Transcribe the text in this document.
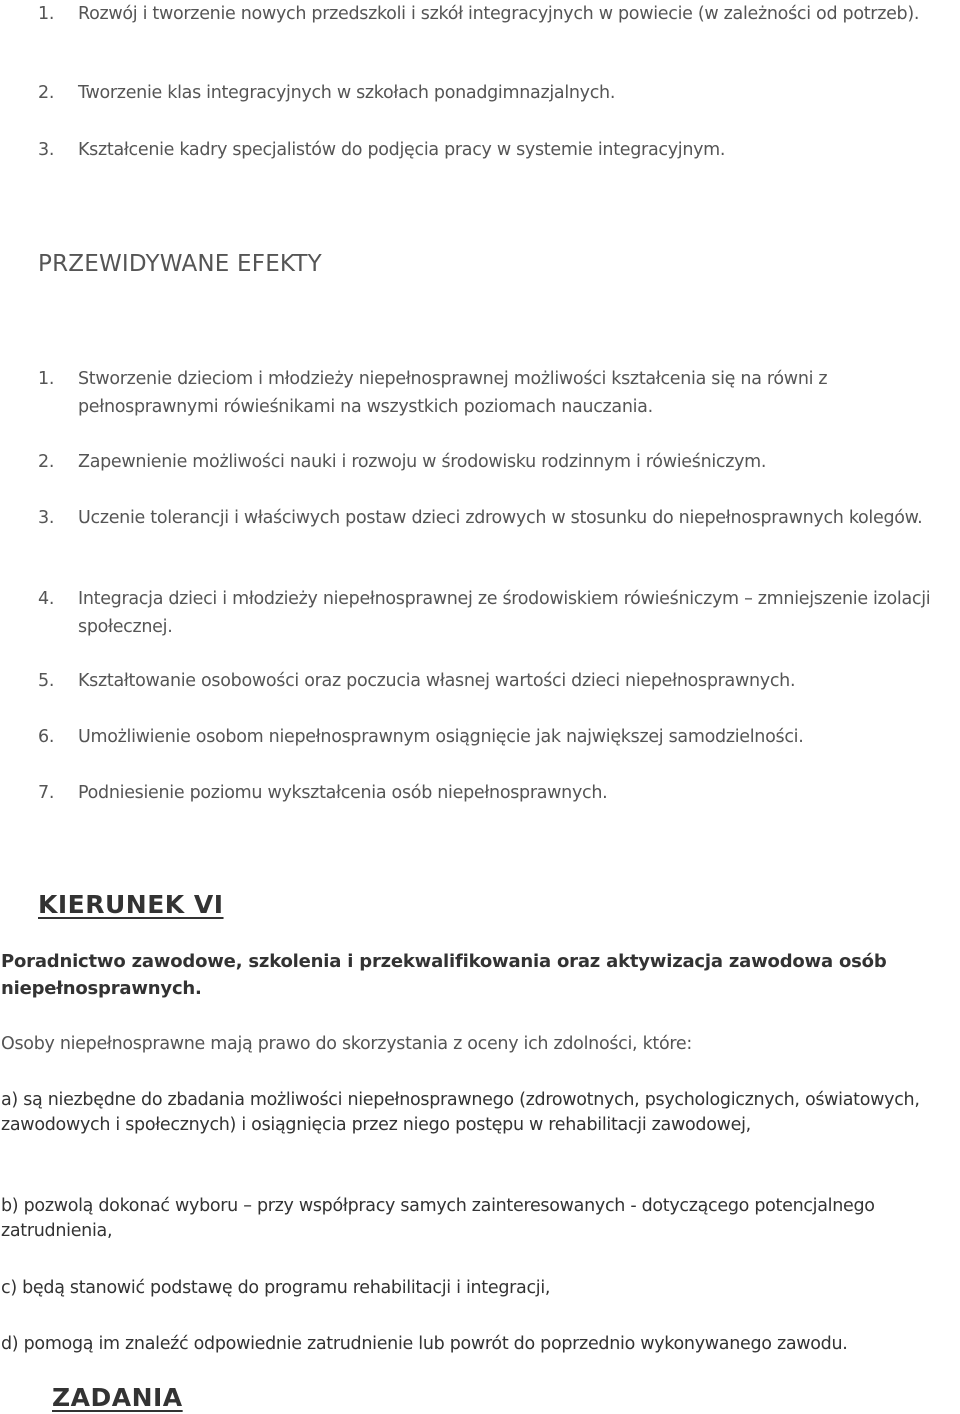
1.	Rozwój i tworzenie nowych przedszkoli i szkół integracyjnych w powiecie (w zależności od potrzeb).
2.	Tworzenie klas integracyjnych w szkołach ponadgimnazjalnych.
3.	Kształcenie kadry specjalistów do podjęcia pracy w systemie integracyjnym.
PRZEWIDYWANE EFEKTY
1.	Stworzenie dzieciom i młodzieży niepełnosprawnej możliwości kształcenia się na równi z pełnosprawnymi rówieśnikami na wszystkich poziomach nauczania.
2.	Zapewnienie możliwości nauki i rozwoju w środowisku rodzinnym i rówieśniczym.
3.	Uczenie tolerancji i właściwych postaw dzieci zdrowych w stosunku do niepełnosprawnych kolegów.
4.	Integracja dzieci i młodzieży niepełnosprawnej ze środowiskiem rówieśniczym – zmniejszenie izolacji społecznej.
5.	Kształtowanie osobowości oraz poczucia własnej wartości dzieci niepełnosprawnych.
6.	Umożliwienie osobom niepełnosprawnym osiągnięcie jak największej samodzielności.
7.	Podniesienie poziomu wykształcenia osób niepełnosprawnych.
KIERUNEK VI
Poradnictwo zawodowe, szkolenia i przekwalifikowania oraz aktywizacja zawodowa osób niepełnosprawnych.
Osoby niepełnosprawne mają prawo do skorzystania z oceny ich zdolności, które:
a) są niezbędne do zbadania możliwości niepełnosprawnego (zdrowotnych, psychologicznych, oświatowych, zawodowych i społecznych) i osiągnięcia przez niego postępu w rehabilitacji zawodowej,
b) pozwolą dokonać wyboru – przy współpracy samych zainteresowanych - dotyczącego potencjalnego zatrudnienia,
c) będą stanowić podstawę do programu rehabilitacji i integracji,
d) pomogą im znaleźć odpowiednie zatrudnienie lub powrót do poprzednio wykonywanego zawodu.
ZADANIA
